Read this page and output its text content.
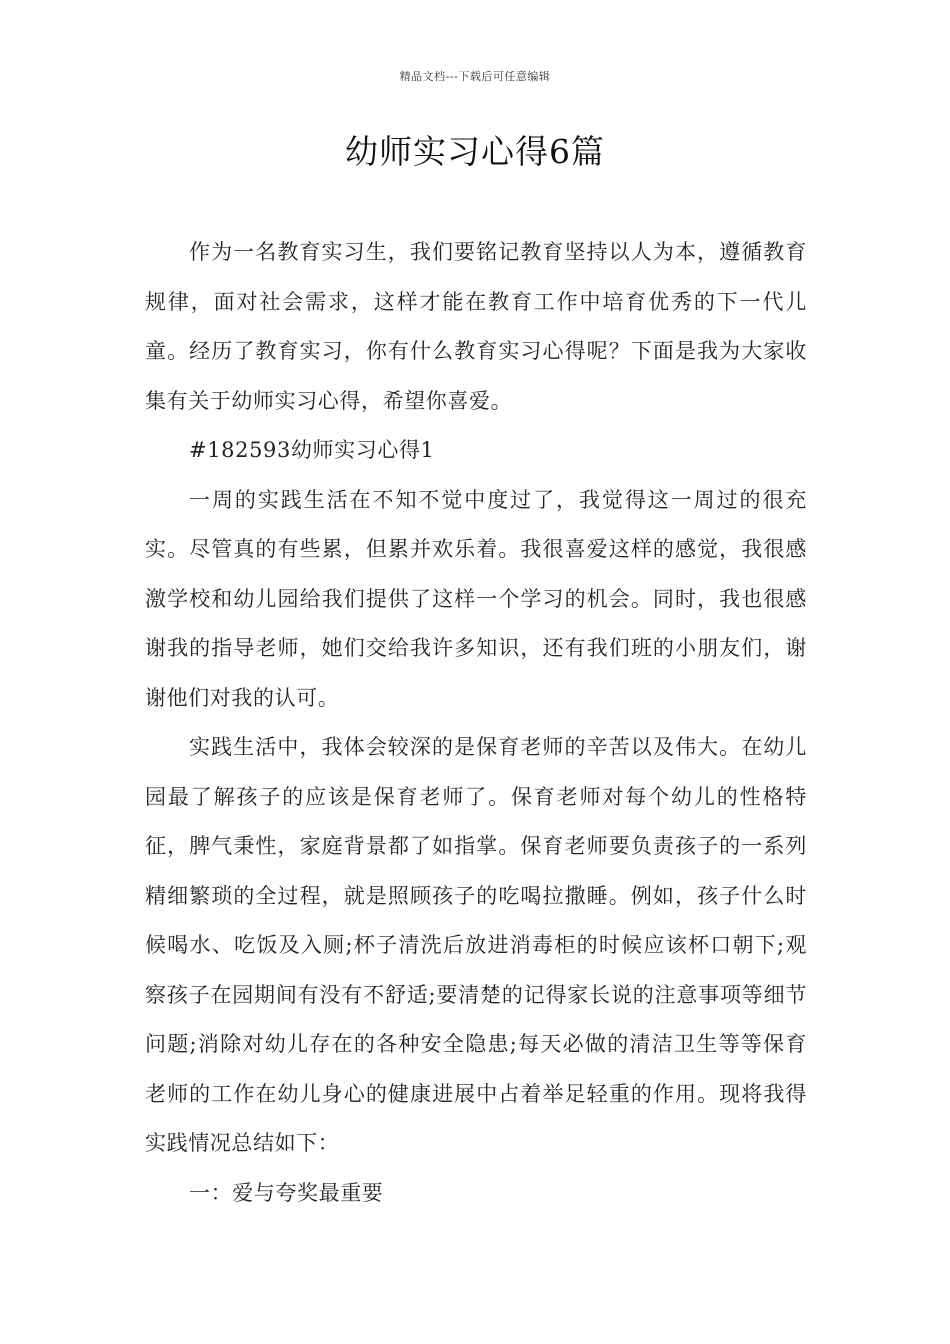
精品文档---下载后可任意编辑
幼师实习心得6篇

作为一名教育实习生，我们要铭记教育坚持以人为本，遵循教育规律，面对社会需求，这样才能在教育工作中培育优秀的下一代儿童。经历了教育实习，你有什么教育实习心得呢？下面是我为大家收集有关于幼师实习心得，希望你喜爱。

#182593幼师实习心得1

一周的实践生活在不知不觉中度过了，我觉得这一周过的很充实。尽管真的有些累，但累并欢乐着。我很喜爱这样的感觉，我很感激学校和幼儿园给我们提供了这样一个学习的机会。同时，我也很感谢我的指导老师，她们交给我许多知识，还有我们班的小朋友们，谢谢他们对我的认可。

实践生活中，我体会较深的是保育老师的辛苦以及伟大。在幼儿园最了解孩子的应该是保育老师了。保育老师对每个幼儿的性格特征，脾气秉性，家庭背景都了如指掌。保育老师要负责孩子的一系列精细繁琐的全过程，就是照顾孩子的吃喝拉撒睡。例如，孩子什么时候喝水、吃饭及入厕;杯子清洗后放进消毒柜的时候应该杯口朝下;观察孩子在园期间有没有不舒适;要清楚的记得家长说的注意事项等细节问题;消除对幼儿存在的各种安全隐患;每天必做的清洁卫生等等保育老师的工作在幼儿身心的健康进展中占着举足轻重的作用。现将我得实践情况总结如下：

一：爱与夸奖最重要
